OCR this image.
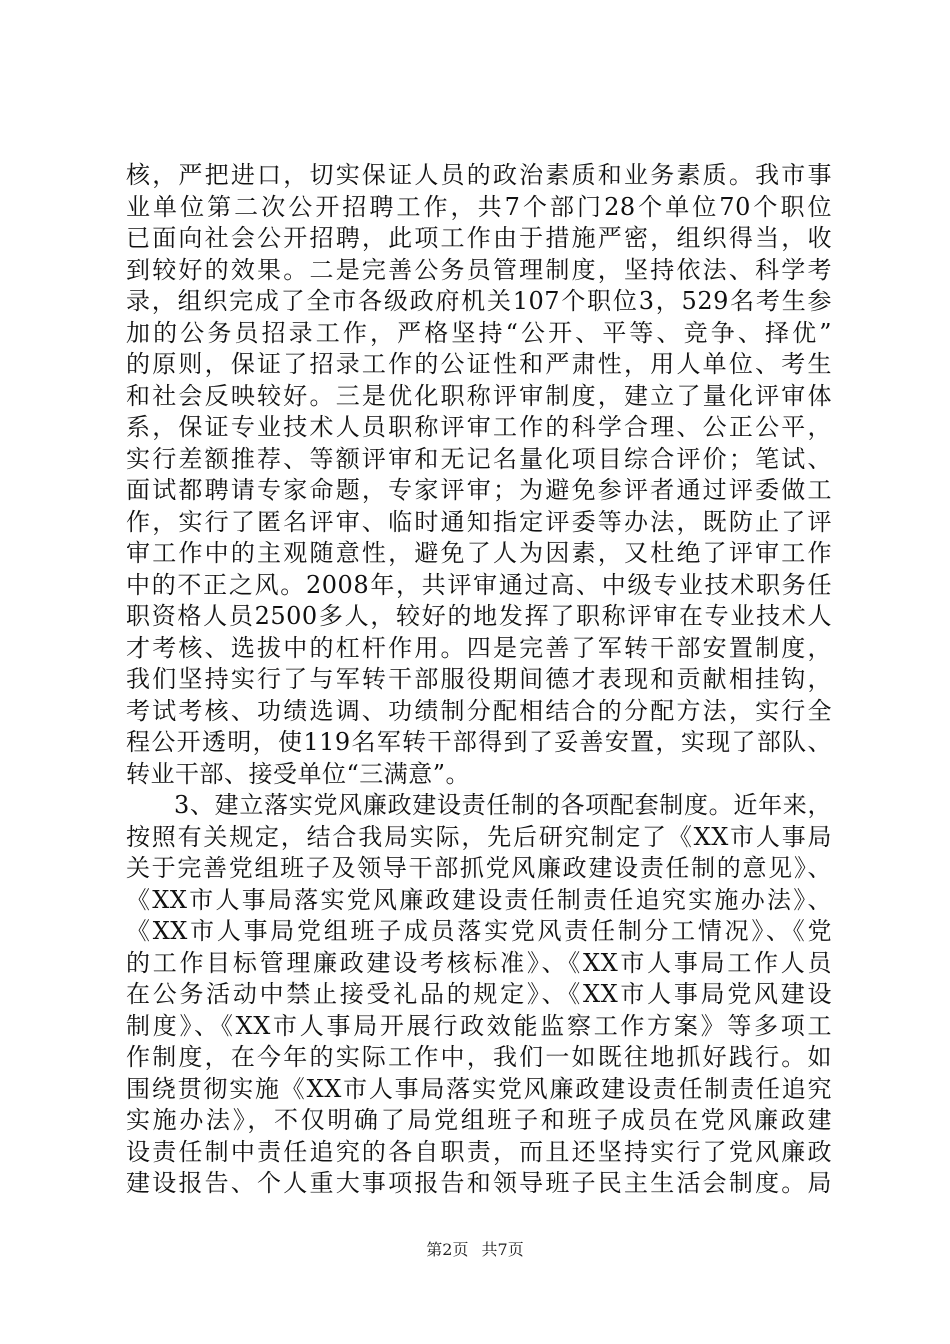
核，严把进口，切实保证人员的政治素质和业务素质。我市事
业单位第二次公开招聘工作，共7个部门28个单位70个职位
已面向社会公开招聘，此项工作由于措施严密，组织得当，收
到较好的效果。二是完善公务员管理制度，坚持依法、科学考
录，组织完成了全市各级政府机关107个职位3，529名考生参
加的公务员招录工作，严格坚持“公开、平等、竞争、择优”
的原则，保证了招录工作的公证性和严肃性，用人单位、考生
和社会反映较好。三是优化职称评审制度，建立了量化评审体
系，保证专业技术人员职称评审工作的科学合理、公正公平，
实行差额推荐、等额评审和无记名量化项目综合评价；笔试、
面试都聘请专家命题，专家评审；为避免参评者通过评委做工
作，实行了匿名评审、临时通知指定评委等办法，既防止了评
审工作中的主观随意性，避免了人为因素，又杜绝了评审工作
中的不正之风。2008年，共评审通过高、中级专业技术职务任
职资格人员2500多人，较好的地发挥了职称评审在专业技术人
才考核、选拔中的杠杆作用。四是完善了军转干部安置制度，
我们坚持实行了与军转干部服役期间德才表现和贡献相挂钩，
考试考核、功绩选调、功绩制分配相结合的分配方法，实行全
程公开透明，使119名军转干部得到了妥善安置，实现了部队、
转业干部、接受单位“三满意”。
3、建立落实党风廉政建设责任制的各项配套制度。近年来，
按照有关规定，结合我局实际，先后研究制定了《XX市人事局
关于完善党组班子及领导干部抓党风廉政建设责任制的意见》、
《XX市人事局落实党风廉政建设责任制责任追究实施办法》、
《XX市人事局党组班子成员落实党风责任制分工情况》、《党
的工作目标管理廉政建设考核标准》、《XX市人事局工作人员
在公务活动中禁止接受礼品的规定》、《XX市人事局党风建设
制度》、《XX市人事局开展行政效能监察工作方案》等多项工
作制度，在今年的实际工作中，我们一如既往地抓好践行。如
围绕贯彻实施《XX市人事局落实党风廉政建设责任制责任追究
实施办法》，不仅明确了局党组班子和班子成员在党风廉政建
设责任制中责任追究的各自职责，而且还坚持实行了党风廉政
建设报告、个人重大事项报告和领导班子民主生活会制度。局
第2页 共7页
